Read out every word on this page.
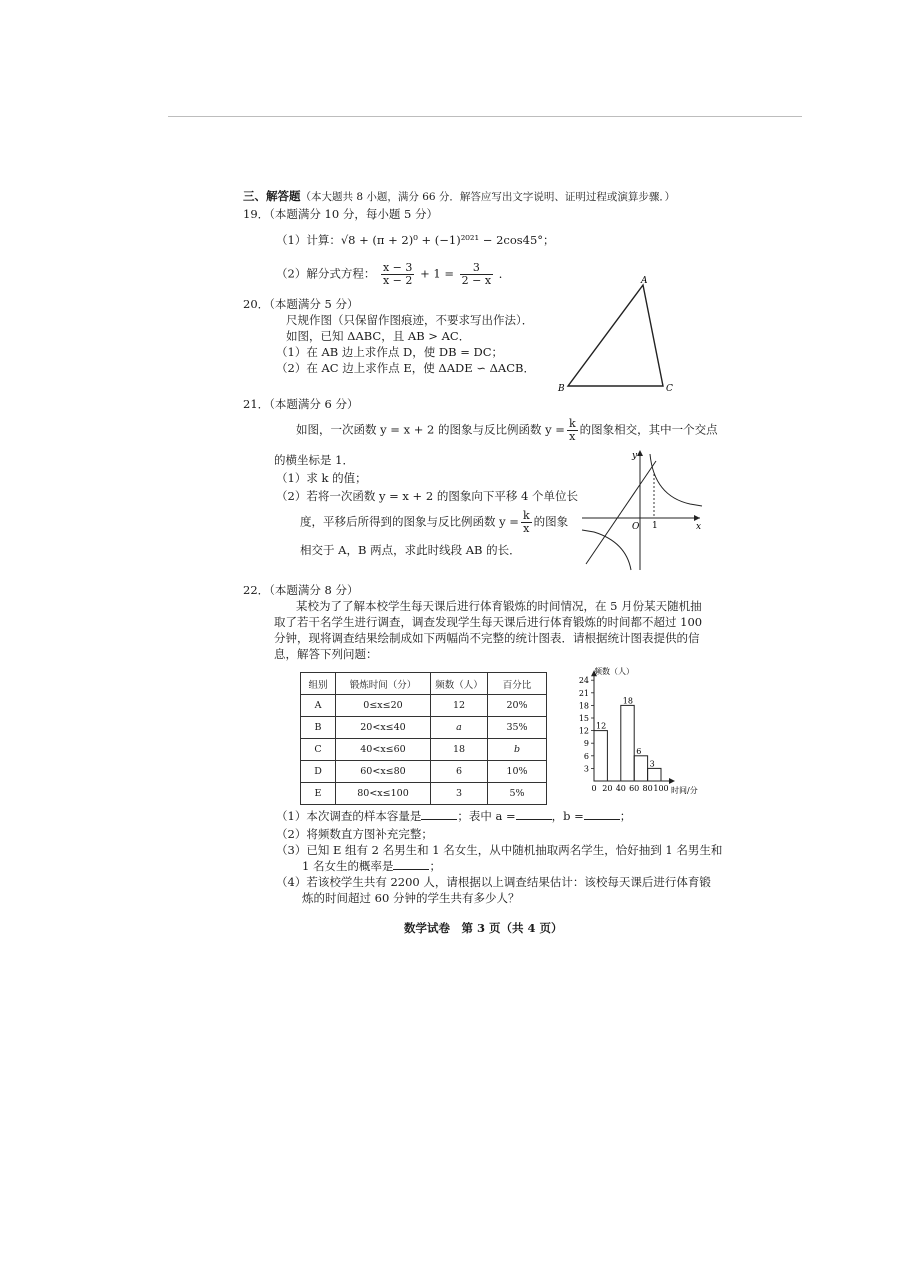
三、解答题（本大题共 8 小题，满分 66 分．解答应写出文字说明、证明过程或演算步骤．）
19．（本题满分 10 分，每小题 5 分）
（1）计算：√8 + (π + 2)⁰ + (−1)²⁰²¹ − 2cos45°；
（2）解分式方程： $\frac{x - 3}{x - 2} + 1 = \frac{3}{2 - x}$ ．
20．（本题满分 5 分）
尺规作图（只保留作图痕迹，不要求写出作法）．
如图，已知 ΔABC，且 AB > AC．
（1）在 AB 边上求作点 D，使 DB = DC；
（2）在 AC 边上求作点 E，使 ΔADE ∽ ΔACB．
A
B	C
21．（本题满分 6 分）
如图，一次函数 y = x + 2 的图象与反比例函数 $y = \frac{k}{x}$ 的图象相交，其中一个交点
的横坐标是 1．
（1）求 k 的值；
（2）若将一次函数 y = x + 2 的图象向下平移 4 个单位长
度，平移后所得到的图象与反比例函数 $y = \frac{k}{x}$ 的图象
相交于 A，B 两点，求此时线段 AB 的长．
y
x
O 1
22．（本题满分 8 分）
某校为了了解本校学生每天课后进行体育锻炼的时间情况，在 5 月份某天随机抽
取了若干名学生进行调查，调查发现学生每天课后进行体育锻炼的时间都不超过 100
分钟，现将调查结果绘制成如下两幅尚不完整的统计图表．请根据统计图表提供的信
息，解答下列问题：
组别	锻炼时间（分）	频数（人）	百分比
A	0≤x≤20	12	20%
B	20<x≤40	a	35%
C	40<x≤60	18	b
D	60<x≤80	6	10%
E	80<x≤100	3	5%
频数（人）
时间/分
12
18
6
3
3
6
9
12
15
18
21
24
0 20 40 60 80 100
（1）本次调查的样本容量是	；表中 a =	，b =	；
（2）将频数直方图补充完整；
（3）已知 E 组有 2 名男生和 1 名女生，从中随机抽取两名学生，恰好抽到 1 名男生和
1 名女生的概率是	；
（4）若该校学生共有 2200 人，请根据以上调查结果估计：该校每天课后进行体育锻
炼的时间超过 60 分钟的学生共有多少人？
数学试卷　第 3 页（共 4 页）
